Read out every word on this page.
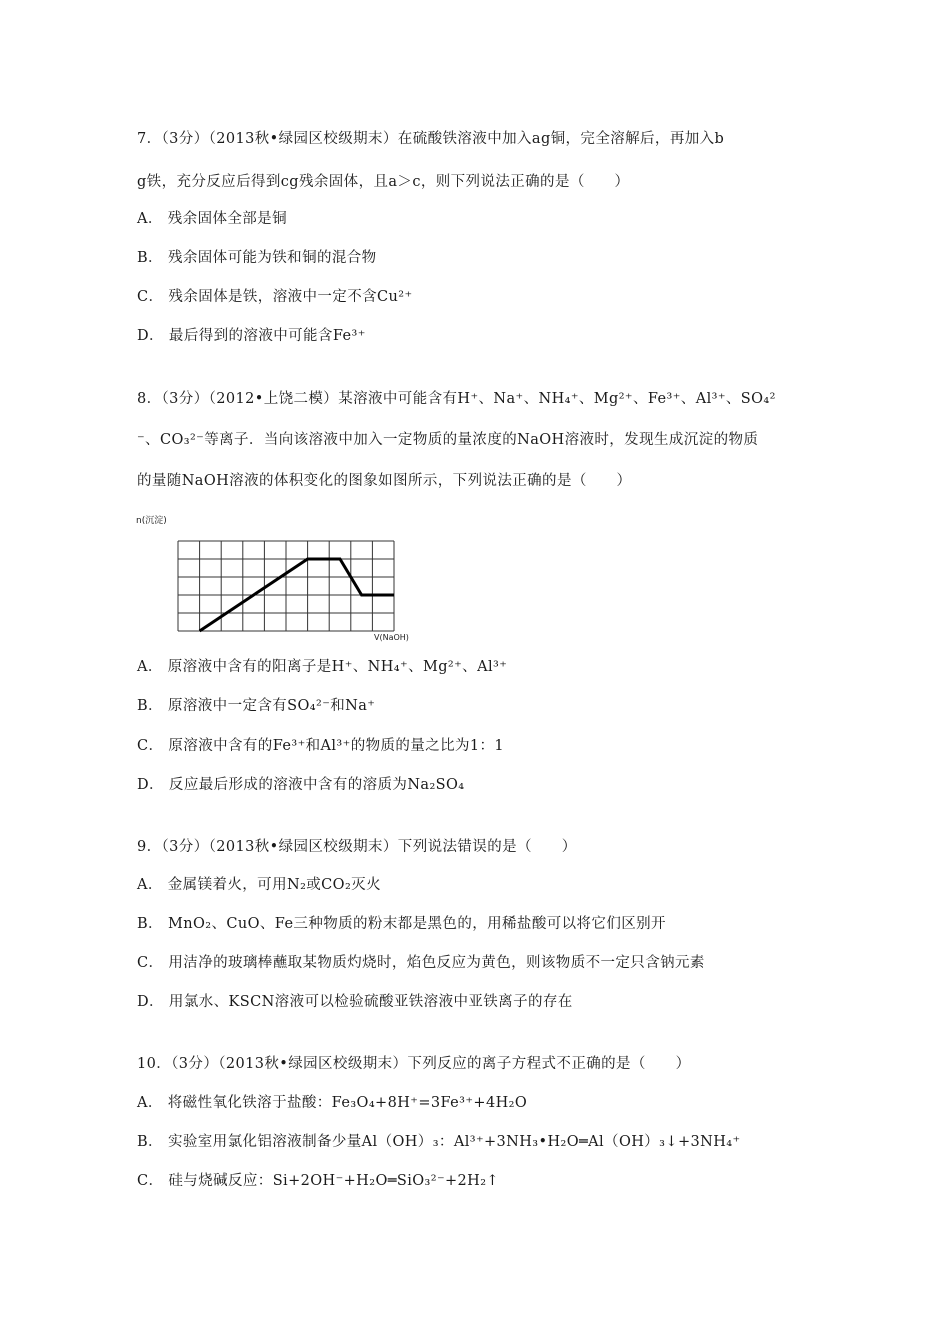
7．（3分）（2013秋•绿园区校级期末）在硫酸铁溶液中加入ag铜，完全溶解后，再加入b
g铁，充分反应后得到cg残余固体，且a＞c，则下列说法正确的是（　　）
A． 残余固体全部是铜
B． 残余固体可能为铁和铜的混合物
C． 残余固体是铁，溶液中一定不含Cu²⁺
D． 最后得到的溶液中可能含Fe³⁺
8．（3分）（2012•上饶二模）某溶液中可能含有H⁺、Na⁺、NH₄⁺、Mg²⁺、Fe³⁺、Al³⁺、SO₄²
⁻、CO₃²⁻等离子．当向该溶液中加入一定物质的量浓度的NaOH溶液时，发现生成沉淀的物质
的量随NaOH溶液的体积变化的图象如图所示，下列说法正确的是（　　）
n(沉淀)
V(NaOH)
A． 原溶液中含有的阳离子是H⁺、NH₄⁺、Mg²⁺、Al³⁺
B． 原溶液中一定含有SO₄²⁻和Na⁺
C． 原溶液中含有的Fe³⁺和Al³⁺的物质的量之比为1：1
D． 反应最后形成的溶液中含有的溶质为Na₂SO₄
9．（3分）（2013秋•绿园区校级期末）下列说法错误的是（　　）
A． 金属镁着火，可用N₂或CO₂灭火
B． MnO₂、CuO、Fe三种物质的粉末都是黑色的，用稀盐酸可以将它们区别开
C． 用洁净的玻璃棒蘸取某物质灼烧时，焰色反应为黄色，则该物质不一定只含钠元素
D． 用氯水、KSCN溶液可以检验硫酸亚铁溶液中亚铁离子的存在
10．（3分）（2013秋•绿园区校级期末）下列反应的离子方程式不正确的是（　　）
A． 将磁性氧化铁溶于盐酸：Fe₃O₄+8H⁺=3Fe³⁺+4H₂O
B． 实验室用氯化铝溶液制备少量Al（OH）₃：Al³⁺+3NH₃•H₂O═Al（OH）₃↓+3NH₄⁺
C． 硅与烧碱反应：Si+2OH⁻+H₂O═SiO₃²⁻+2H₂↑
